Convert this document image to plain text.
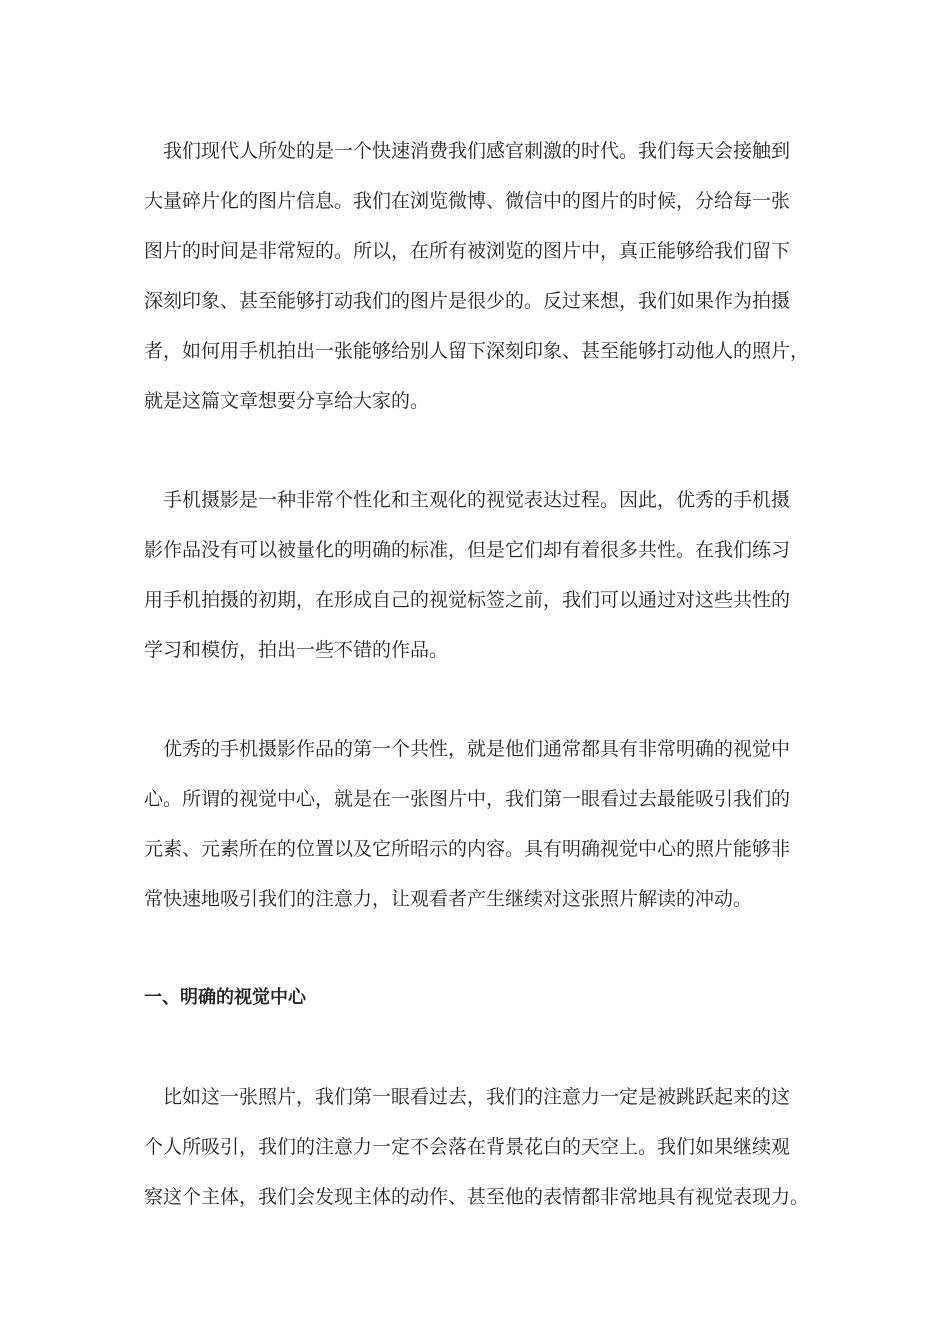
　我们现代人所处的是一个快速消费我们感官刺激的时代。我们每天会接触到
大量碎片化的图片信息。我们在浏览微博、微信中的图片的时候，分给每一张
图片的时间是非常短的。所以，在所有被浏览的图片中，真正能够给我们留下
深刻印象、甚至能够打动我们的图片是很少的。反过来想，我们如果作为拍摄
者，如何用手机拍出一张能够给别人留下深刻印象、甚至能够打动他人的照片，
就是这篇文章想要分享给大家的。
　手机摄影是一种非常个性化和主观化的视觉表达过程。因此，优秀的手机摄
影作品没有可以被量化的明确的标准，但是它们却有着很多共性。在我们练习
用手机拍摄的初期，在形成自己的视觉标签之前，我们可以通过对这些共性的
学习和模仿，拍出一些不错的作品。
　优秀的手机摄影作品的第一个共性，就是他们通常都具有非常明确的视觉中
心。所谓的视觉中心，就是在一张图片中，我们第一眼看过去最能吸引我们的
元素、元素所在的位置以及它所昭示的内容。具有明确视觉中心的照片能够非
常快速地吸引我们的注意力，让观看者产生继续对这张照片解读的冲动。
一、明确的视觉中心
　比如这一张照片，我们第一眼看过去，我们的注意力一定是被跳跃起来的这
个人所吸引，我们的注意力一定不会落在背景花白的天空上。我们如果继续观
察这个主体，我们会发现主体的动作、甚至他的表情都非常地具有视觉表现力。
